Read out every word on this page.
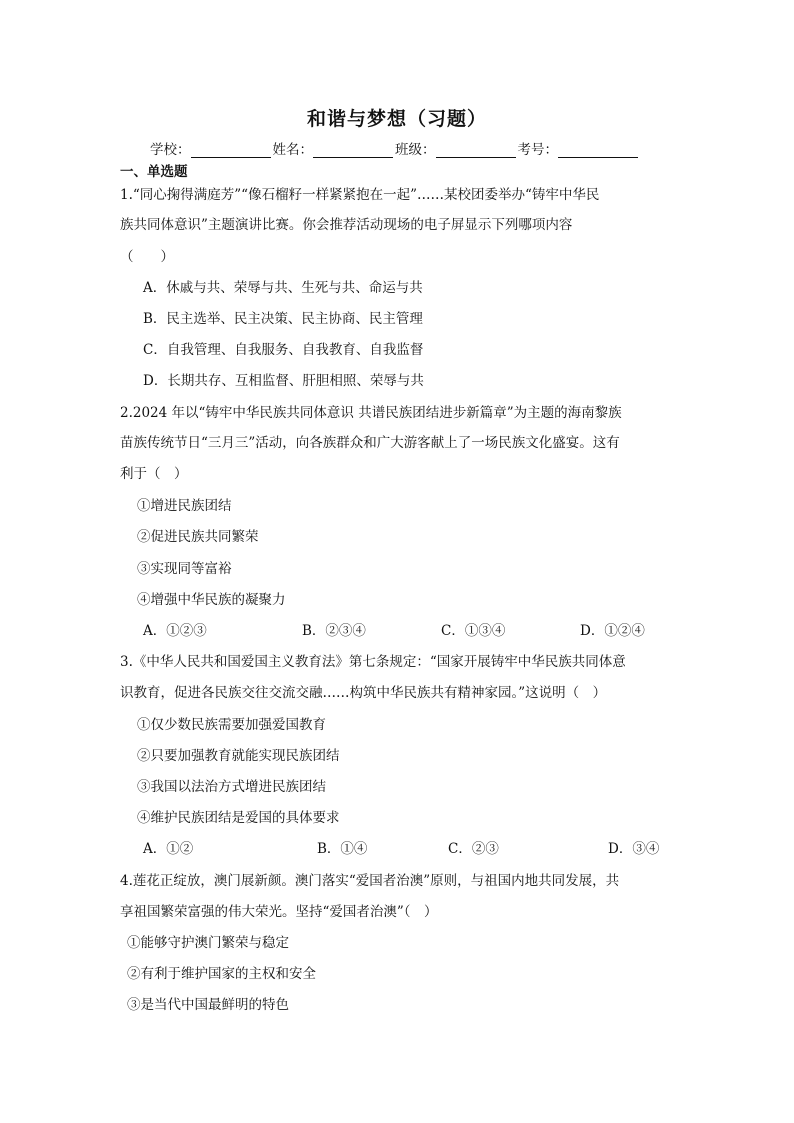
和谐与梦想（习题）
学校：	姓名：	班级：	考号：
一、单选题
1.“同心掬得满庭芳”“像石榴籽一样紧紧抱在一起”……某校团委举办“铸牢中华民
族共同体意识”主题演讲比赛。你会推荐活动现场的电子屏显示下列哪项内容
（　　）
A．休戚与共、荣辱与共、生死与共、命运与共
B．民主选举、民主决策、民主协商、民主管理
C．自我管理、自我服务、自我教育、自我监督
D．长期共存、互相监督、肝胆相照、荣辱与共
2.2024 年以“铸牢中华民族共同体意识 共谱民族团结进步新篇章”为主题的海南黎族
苗族传统节日“三月三”活动，向各族群众和广大游客献上了一场民族文化盛宴。这有
利于（　）
①增进民族团结
②促进民族共同繁荣
③实现同等富裕
④增强中华民族的凝聚力
A．①②③	B．②③④	C．①③④	D．①②④
3.《中华人民共和国爱国主义教育法》第七条规定：“国家开展铸牢中华民族共同体意
识教育，促进各民族交往交流交融……构筑中华民族共有精神家园。”这说明（　）
①仅少数民族需要加强爱国教育
②只要加强教育就能实现民族团结
③我国以法治方式增进民族团结
④维护民族团结是爱国的具体要求
A．①②	B．①④	C．②③	D．③④
4.莲花正绽放，澳门展新颜。澳门落实“爱国者治澳”原则，与祖国内地共同发展，共
享祖国繁荣富强的伟大荣光。坚持“爱国者治澳”（　）
①能够守护澳门繁荣与稳定
②有利于维护国家的主权和安全
③是当代中国最鲜明的特色
